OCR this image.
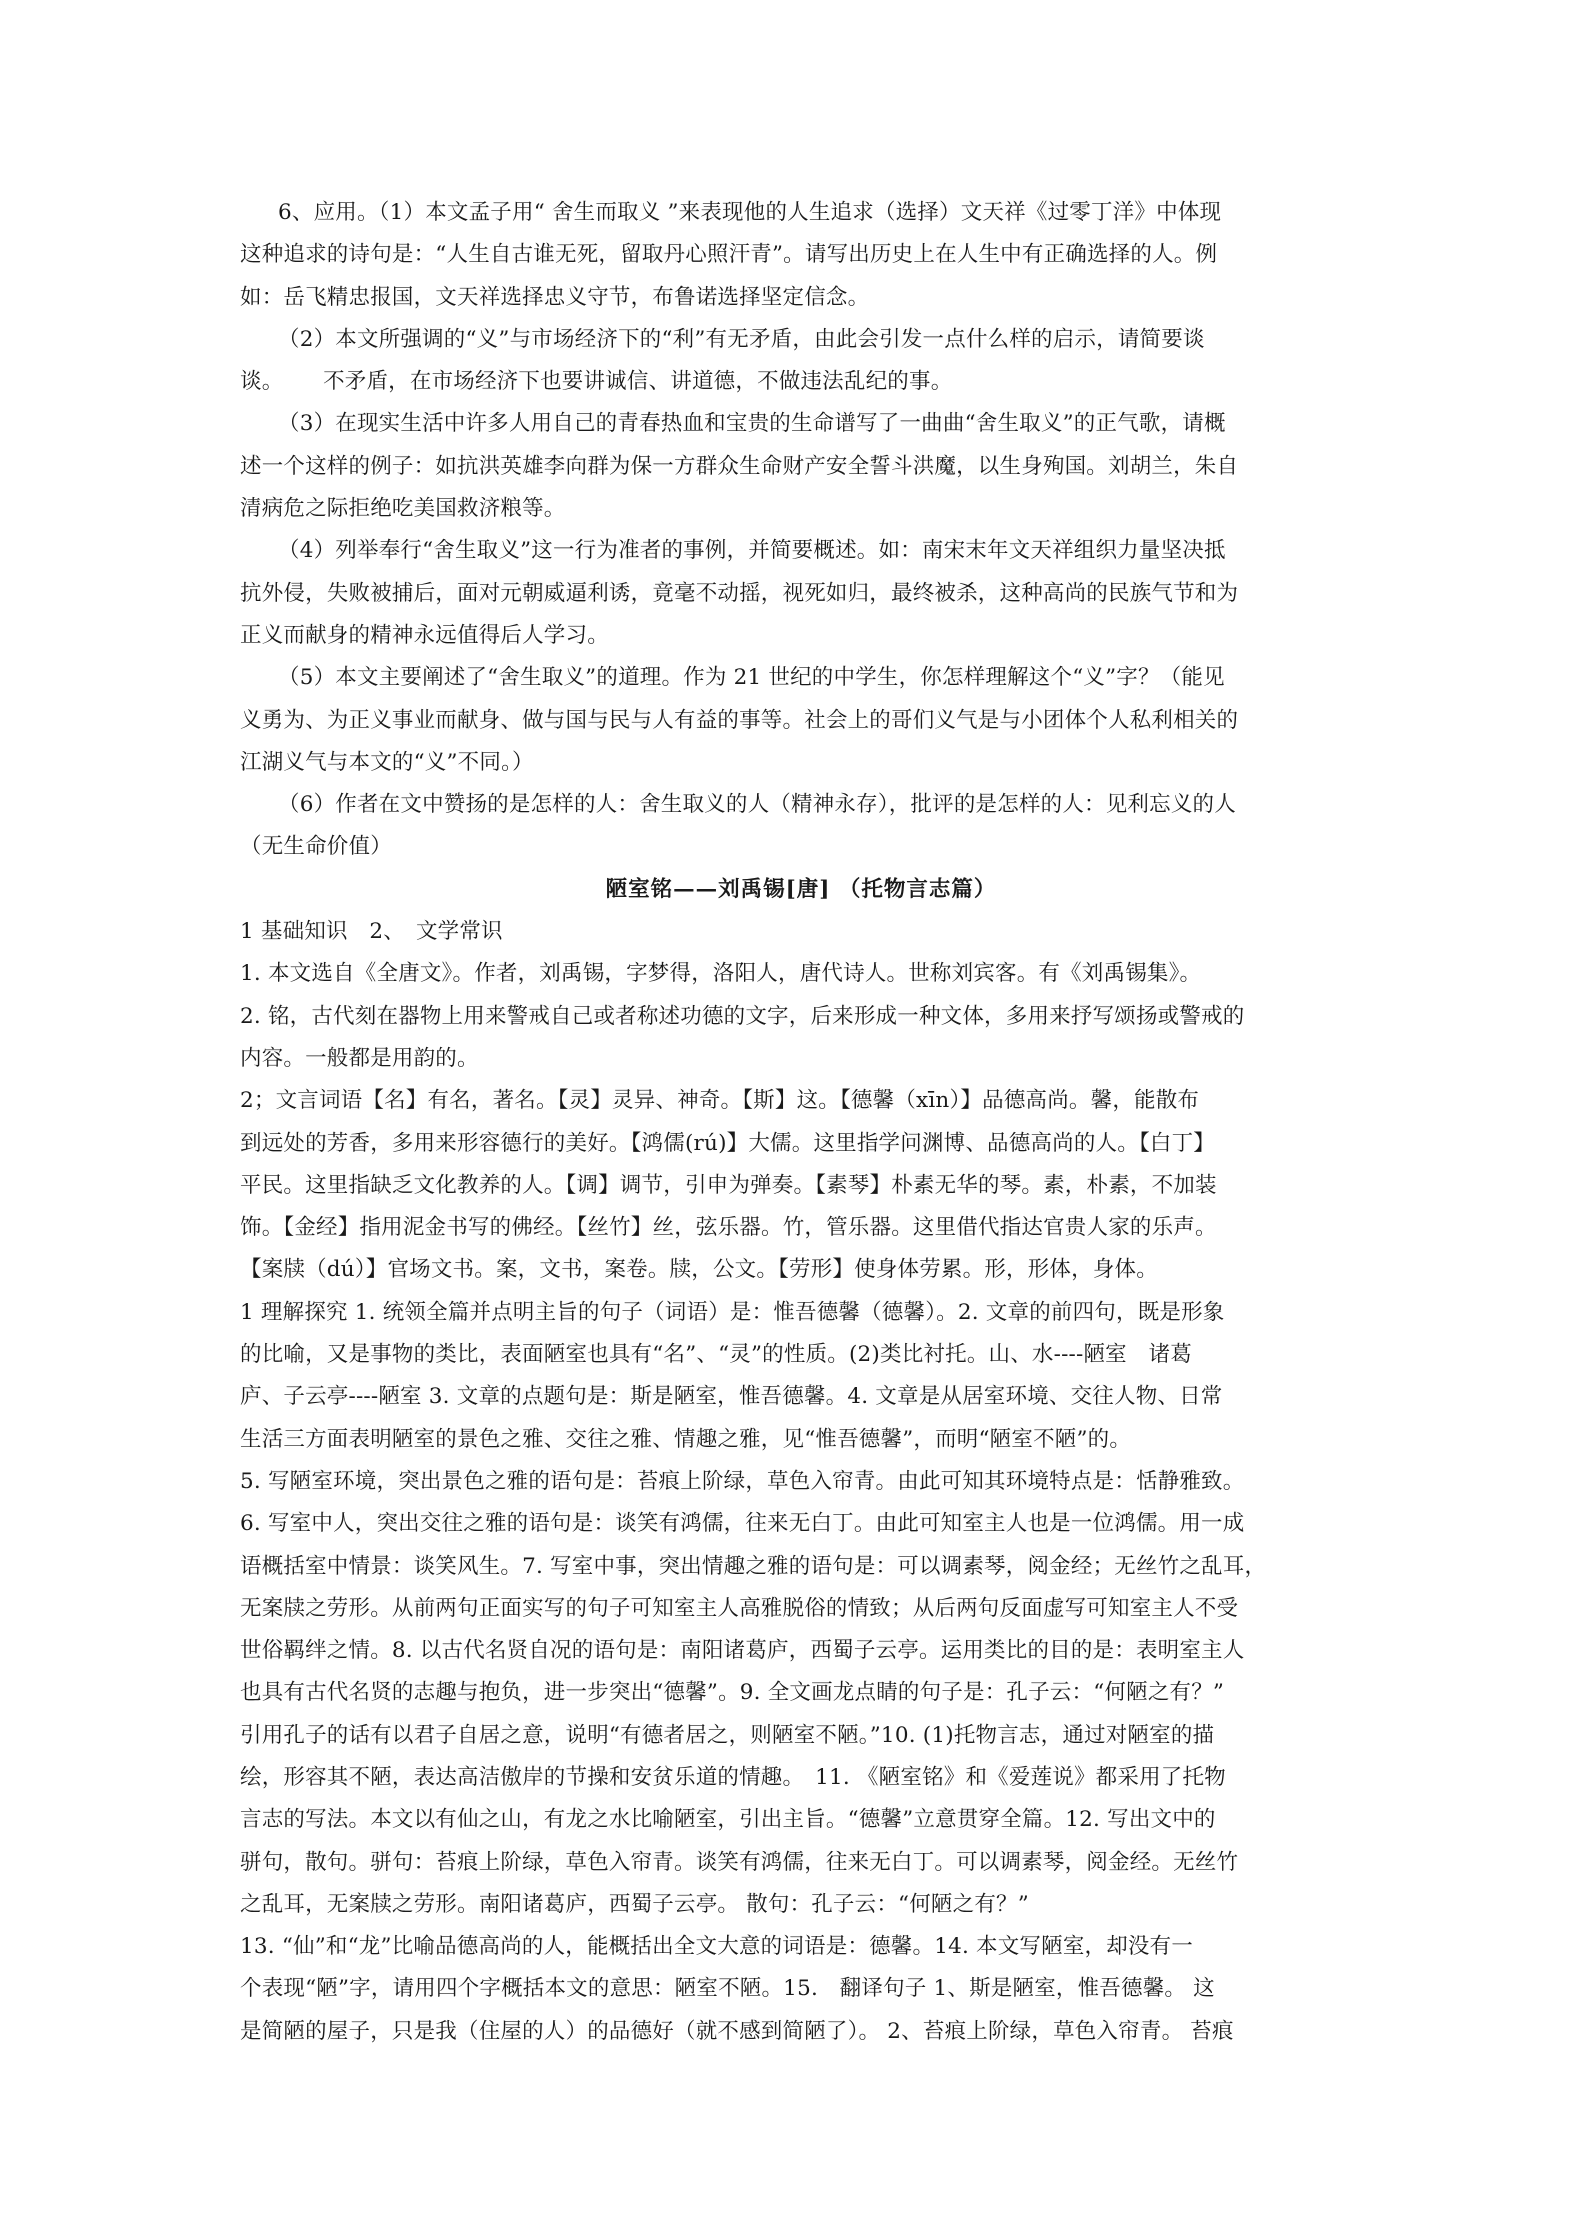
6、应用。（1）本文孟子用“ 舍生而取义 ”来表现他的人生追求（选择）文天祥《过零丁洋》中体现
这种追求的诗句是：“人生自古谁无死，留取丹心照汗青”。请写出历史上在人生中有正确选择的人。例
如：岳飞精忠报国，文天祥选择忠义守节，布鲁诺选择坚定信念。
（2）本文所强调的“义”与市场经济下的“利”有无矛盾，由此会引发一点什么样的启示，请简要谈
谈。　　 不矛盾，在市场经济下也要讲诚信、讲道德，不做违法乱纪的事。
（3）在现实生活中许多人用自己的青春热血和宝贵的生命谱写了一曲曲“舍生取义”的正气歌，请概
述一个这样的例子：如抗洪英雄李向群为保一方群众生命财产安全誓斗洪魔，以生身殉国。刘胡兰，朱自
清病危之际拒绝吃美国救济粮等。
（4）列举奉行“舍生取义”这一行为准者的事例，并简要概述。如：南宋末年文天祥组织力量坚决抵
抗外侵，失败被捕后，面对元朝威逼利诱，竟毫不动摇，视死如归，最终被杀，这种高尚的民族气节和为
正义而献身的精神永远值得后人学习。
（5）本文主要阐述了“舍生取义”的道理。作为 21 世纪的中学生，你怎样理解这个“义”字？（能见
义勇为、为正义事业而献身、做与国与民与人有益的事等。社会上的哥们义气是与小团体个人私利相关的
江湖义气与本文的“义”不同。）
（6）作者在文中赞扬的是怎样的人：舍生取义的人（精神永存），批评的是怎样的人：见利忘义的人
（无生命价值）
陋室铭——刘禹锡[唐] （托物言志篇）
1 基础知识　2、　文学常识
1. 本文选自《全唐文》。作者，刘禹锡，字梦得，洛阳人，唐代诗人。世称刘宾客。有《刘禹锡集》。
2. 铭，古代刻在器物上用来警戒自己或者称述功德的文字，后来形成一种文体，多用来抒写颂扬或警戒的
内容。一般都是用韵的。
2；文言词语【名】有名，著名。【灵】灵异、神奇。【斯】这。【德馨（xīn）】品德高尚。馨，能散布
到远处的芳香，多用来形容德行的美好。【鸿儒(rú)】大儒。这里指学问渊博、品德高尚的人。【白丁】
平民。这里指缺乏文化教养的人。【调】调节，引申为弹奏。【素琴】朴素无华的琴。素，朴素，不加装
饰。【金经】指用泥金书写的佛经。【丝竹】丝，弦乐器。竹，管乐器。这里借代指达官贵人家的乐声。
【案牍（dú）】官场文书。案，文书，案卷。牍，公文。【劳形】使身体劳累。形，形体，身体。
1 理解探究 1. 统领全篇并点明主旨的句子（词语）是：惟吾德馨（德馨）。2. 文章的前四句，既是形象
的比喻，又是事物的类比，表面陋室也具有“名”、“灵”的性质。(2)类比衬托。山、水----陋室　诸葛
庐、子云亭----陋室 3. 文章的点题句是：斯是陋室，惟吾德馨。4. 文章是从居室环境、交往人物、日常
生活三方面表明陋室的景色之雅、交往之雅、情趣之雅，见“惟吾德馨”，而明“陋室不陋”的。
5. 写陋室环境，突出景色之雅的语句是：苔痕上阶绿，草色入帘青。由此可知其环境特点是：恬静雅致。
6. 写室中人，突出交往之雅的语句是：谈笑有鸿儒，往来无白丁。由此可知室主人也是一位鸿儒。用一成
语概括室中情景：谈笑风生。7. 写室中事，突出情趣之雅的语句是：可以调素琴，阅金经；无丝竹之乱耳，
无案牍之劳形。从前两句正面实写的句子可知室主人高雅脱俗的情致；从后两句反面虚写可知室主人不受
世俗羁绊之情。8. 以古代名贤自况的语句是：南阳诸葛庐，西蜀子云亭。运用类比的目的是：表明室主人
也具有古代名贤的志趣与抱负，进一步突出“德馨”。9. 全文画龙点睛的句子是：孔子云：“何陋之有？”
引用孔子的话有以君子自居之意，说明“有德者居之，则陋室不陋。”10. (1)托物言志，通过对陋室的描
绘，形容其不陋，表达高洁傲岸的节操和安贫乐道的情趣。　11. 《陋室铭》和《爱莲说》都采用了托物
言志的写法。本文以有仙之山，有龙之水比喻陋室，引出主旨。“德馨”立意贯穿全篇。12. 写出文中的
骈句，散句。骈句：苔痕上阶绿，草色入帘青。谈笑有鸿儒，往来无白丁。可以调素琴，阅金经。无丝竹
之乱耳，无案牍之劳形。南阳诸葛庐，西蜀子云亭。 散句：孔子云：“何陋之有？”
13. “仙”和“龙”比喻品德高尚的人，能概括出全文大意的词语是：德馨。14. 本文写陋室，却没有一
个表现“陋”字，请用四个字概括本文的意思：陋室不陋。15.　翻译句子 1、斯是陋室，惟吾德馨。 这
是简陋的屋子，只是我（住屋的人）的品德好（就不感到简陋了）。 2、苔痕上阶绿，草色入帘青。 苔痕
